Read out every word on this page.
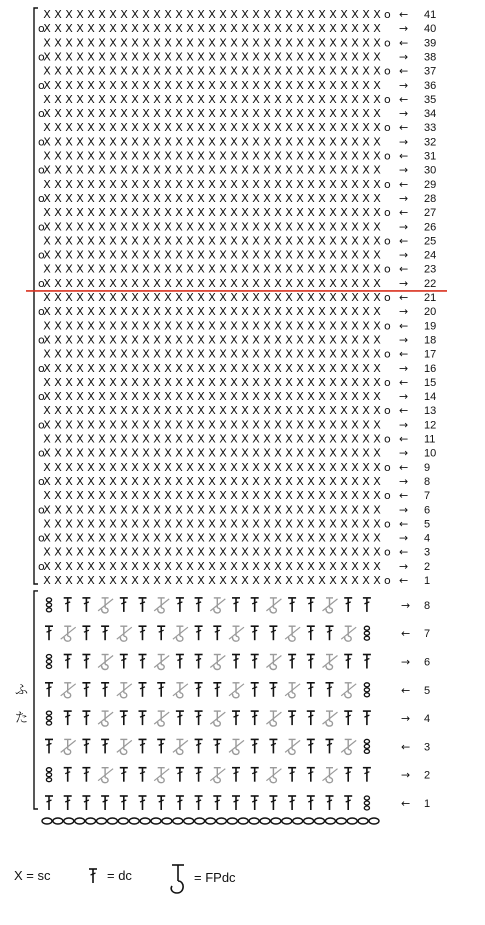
X X X X X X X X X X X X X X X X X X X X X X X X X X X X X X X o
X X X X X X X X X X X X X X X X X X X X X X X X X X X X X X X
o
X X X X X X X X X X X X X X X X X X X X X X X X X X X X X X X o
X X X X X X X X X X X X X X X X X X X X X X X X X X X X X X X
o
X X X X X X X X X X X X X X X X X X X X X X X X X X X X X X X o
X X X X X X X X X X X X X X X X X X X X X X X X X X X X X X X
o
X X X X X X X X X X X X X X X X X X X X X X X X X X X X X X X o
X X X X X X X X X X X X X X X X X X X X X X X X X X X X X X X
o
X X X X X X X X X X X X X X X X X X X X X X X X X X X X X X X o
X X X X X X X X X X X X X X X X X X X X X X X X X X X X X X X
o
X X X X X X X X X X X X X X X X X X X X X X X X X X X X X X X o
X X X X X X X X X X X X X X X X X X X X X X X X X X X X X X X
o
X X X X X X X X X X X X X X X X X X X X X X X X X X X X X X X o
X X X X X X X X X X X X X X X X X X X X X X X X X X X X X X X
o
X X X X X X X X X X X X X X X X X X X X X X X X X X X X X X X o
X X X X X X X X X X X X X X X X X X X X X X X X X X X X X X X
o
X X X X X X X X X X X X X X X X X X X X X X X X X X X X X X X o
X X X X X X X X X X X X X X X X X X X X X X X X X X X X X X X
o
X X X X X X X X X X X X X X X X X X X X X X X X X X X X X X X o
X X X X X X X X X X X X X X X X X X X X X X X X X X X X X X X
o
X X X X X X X X X X X X X X X X X X X X X X X X X X X X X X X o
X X X X X X X X X X X X X X X X X X X X X X X X X X X X X X X
o
X X X X X X X X X X X X X X X X X X X X X X X X X X X X X X X o
X X X X X X X X X X X X X X X X X X X X X X X X X X X X X X X
o
X X X X X X X X X X X X X X X X X X X X X X X X X X X X X X X o
X X X X X X X X X X X X X X X X X X X X X X X X X X X X X X X
o
X X X X X X X X X X X X X X X X X X X X X X X X X X X X X X X o
X X X X X X X X X X X X X X X X X X X X X X X X X X X X X X X
o
X X X X X X X X X X X X X X X X X X X X X X X X X X X X X X X o
X X X X X X X X X X X X X X X X X X X X X X X X X X X X X X X
o
X X X X X X X X X X X X X X X X X X X X X X X X X X X X X X X o
X X X X X X X X X X X X X X X X X X X X X X X X X X X X X X X
o
X X X X X X X X X X X X X X X X X X X X X X X X X X X X X X X o
X X X X X X X X X X X X X X X X X X X X X X X X X X X X X X X
o
X X X X X X X X X X X X X X X X X X X X X X X X X X X X X X X o
X X X X X X X X X X X X X X X X X X X X X X X X X X X X X X X
o
X X X X X X X X X X X X X X X X X X X X X X X X X X X X X X X o
X X X X X X X X X X X X X X X X X X X X X X X X X X X X X X X
o
X X X X X X X X X X X X X X X X X X X X X X X X X X X X X X X o
X X X X X X X X X X X X X X X X X X X X X X X X X X X X X X X
o
X X X X X X X X X X X X X X X X X X X X X X X X X X X X X X X o
← 1
→ 2
← 3
→ 4
← 5
→ 6
← 7
→ 8
← 9
→ 10
← 11
→ 12
← 13
→ 14
← 15
→ 16
← 17
→ 18
← 19
→ 20
← 21
→ 22
← 23
→ 24
← 25
→ 26
← 27
→ 28
← 29
→ 30
← 31
→ 32
← 33
→ 34
← 35
→ 36
← 37
→ 38
← 39
→ 40
← 41
← 1
→ 2
← 3
→ 4
← 5
→ 6
← 7
→ 8
ふ
た
X = sc	= dc	= FPdc
